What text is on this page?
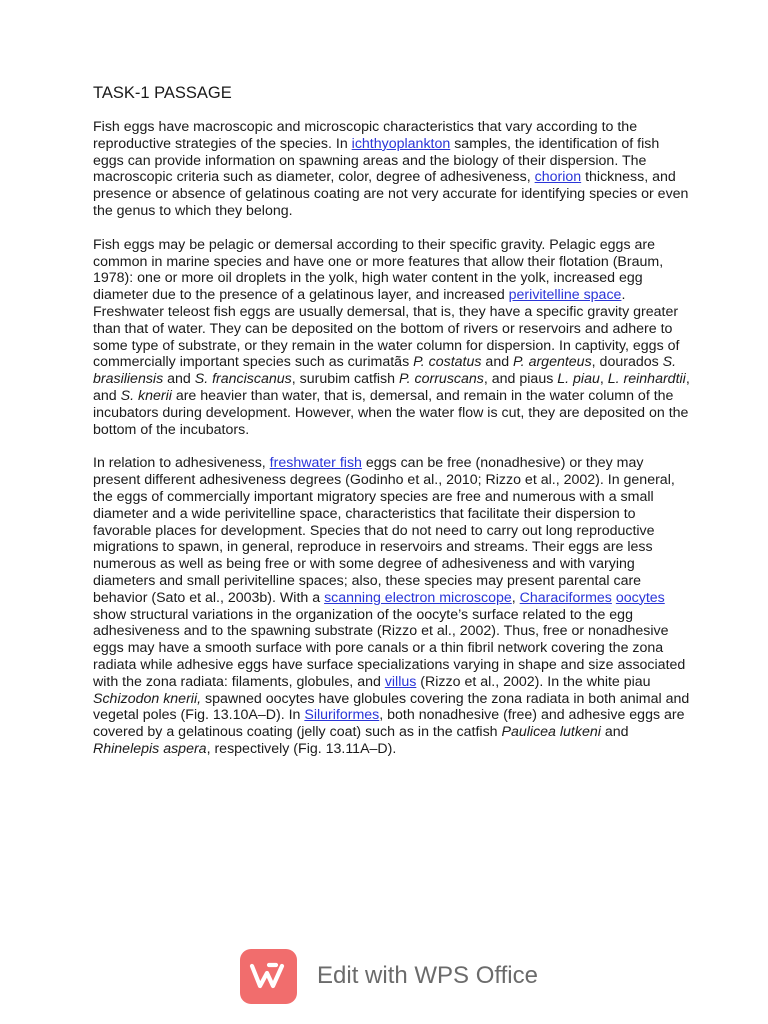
TASK-1 PASSAGE

Fish eggs have macroscopic and microscopic characteristics that vary according to the reproductive strategies of the species. In ichthyoplankton samples, the identification of fish eggs can provide information on spawning areas and the biology of their dispersion. The macroscopic criteria such as diameter, color, degree of adhesiveness, chorion thickness, and presence or absence of gelatinous coating are not very accurate for identifying species or even the genus to which they belong.

Fish eggs may be pelagic or demersal according to their specific gravity. Pelagic eggs are common in marine species and have one or more features that allow their flotation (Braum, 1978): one or more oil droplets in the yolk, high water content in the yolk, increased egg diameter due to the presence of a gelatinous layer, and increased perivitelline space. Freshwater teleost fish eggs are usually demersal, that is, they have a specific gravity greater than that of water. They can be deposited on the bottom of rivers or reservoirs and adhere to some type of substrate, or they remain in the water column for dispersion. In captivity, eggs of commercially important species such as curimatãs P. costatus and P. argenteus, dourados S. brasiliensis and S. franciscanus, surubim catfish P. corruscans, and piaus L. piau, L. reinhardtii, and S. knerii are heavier than water, that is, demersal, and remain in the water column of the incubators during development. However, when the water flow is cut, they are deposited on the bottom of the incubators.

In relation to adhesiveness, freshwater fish eggs can be free (nonadhesive) or they may present different adhesiveness degrees (Godinho et al., 2010; Rizzo et al., 2002). In general, the eggs of commercially important migratory species are free and numerous with a small diameter and a wide perivitelline space, characteristics that facilitate their dispersion to favorable places for development. Species that do not need to carry out long reproductive migrations to spawn, in general, reproduce in reservoirs and streams. Their eggs are less numerous as well as being free or with some degree of adhesiveness and with varying diameters and small perivitelline spaces; also, these species may present parental care behavior (Sato et al., 2003b). With a scanning electron microscope, Characiformes oocytes show structural variations in the organization of the oocyte’s surface related to the egg adhesiveness and to the spawning substrate (Rizzo et al., 2002). Thus, free or nonadhesive eggs may have a smooth surface with pore canals or a thin fibril network covering the zona radiata while adhesive eggs have surface specializations varying in shape and size associated with the zona radiata: filaments, globules, and villus (Rizzo et al., 2002). In the white piau Schizodon knerii, spawned oocytes have globules covering the zona radiata in both animal and vegetal poles (Fig. 13.10A–D). In Siluriformes, both nonadhesive (free) and adhesive eggs are covered by a gelatinous coating (jelly coat) such as in the catfish Paulicea lutkeni and Rhinelepis aspera, respectively (Fig. 13.11A–D).

Edit with WPS Office
